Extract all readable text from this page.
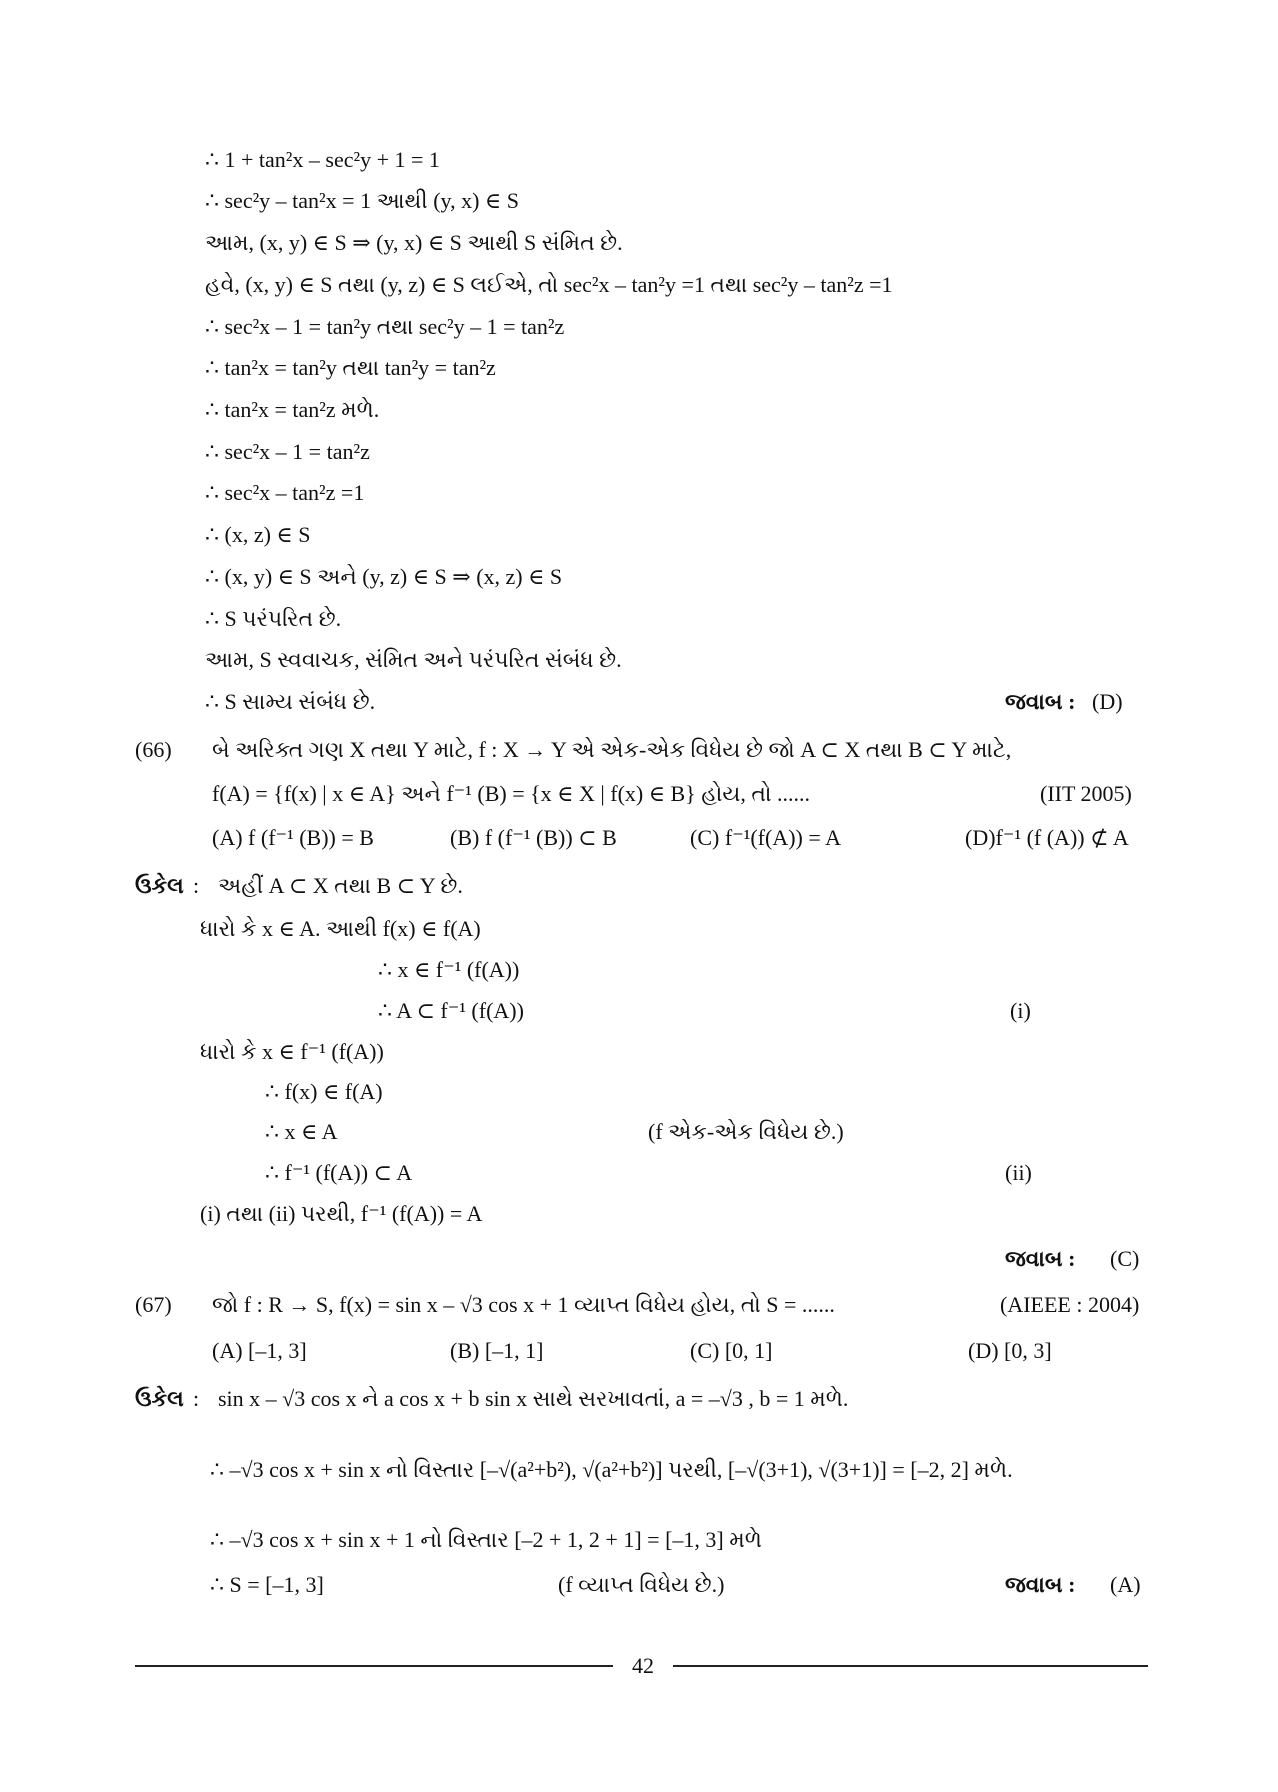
∴ 1 + tan²x – sec²y + 1 = 1
∴ sec²y – tan²x = 1 આથી (y, x) ∈ S
આમ, (x, y) ∈ S ⇒ (y, x) ∈ S આથી S સંમિત છે.
હવે, (x, y) ∈ S તથા (y, z) ∈ S લઈએ, તો sec²x – tan²y =1 તથા sec²y – tan²z =1
∴ sec²x – 1 = tan²y તથા sec²y – 1 = tan²z
∴ tan²x = tan²y તથા tan²y = tan²z
∴ tan²x = tan²z મળે.
∴ sec²x – 1 = tan²z
∴ sec²x – tan²z =1
∴ (x, z) ∈ S
∴ (x, y) ∈ S અને (y, z) ∈ S ⇒ (x, z) ∈ S
∴ S પરંપરિત છે.
આમ, S સ્વવાચક, સંમિત અને પરંપરિત સંબંધ છે.
∴ S સામ્ય સંબંધ છે.	જવાબ : (D)
(66) બે અરિક્ત ગણ X તથા Y માટે, f : X → Y એ એક-એક વિધેય છે જો A ⊂ X તથા B ⊂ Y માટે,
f(A) = {f(x) | x ∈ A} અને f⁻¹ (B) = {x ∈ X | f(x) ∈ B} હોય, તો ......	(IIT 2005)
(A) f (f⁻¹ (B)) = B	(B) f (f⁻¹ (B)) ⊂ B	(C) f⁻¹(f(A)) = A	(D)f⁻¹ (f (A)) ⊄ A
ઉકેલ : અહીં A ⊂ X તથા B ⊂ Y છે.
ધારો કે x ∈ A. આથી f(x) ∈ f(A)
∴ x ∈ f⁻¹ (f(A))
∴ A ⊂ f⁻¹ (f(A))	(i)
ધારો કે x ∈ f⁻¹ (f(A))
∴ f(x) ∈ f(A)
∴ x ∈ A	(f એક-એક વિધેય છે.)
∴ f⁻¹ (f(A)) ⊂ A	(ii)
(i) તથા (ii) પરથી, f⁻¹ (f(A)) = A
જવાબ : (C)
(67) જો f : R → S, f(x) = sin x – √3 cos x + 1 વ્યાપ્ત વિધેય હોય, તો S = ......	(AIEEE : 2004)
(A) [–1, 3]	(B) [–1, 1]	(C) [0, 1]	(D) [0, 3]
ઉકેલ : sin x – √3 cos x ને a cos x + b sin x સાથે સરખાવતાં, a = –√3 , b = 1 મળે.
∴ –√3 cos x + sin x નો વિસ્તાર [–√(a²+b²), √(a²+b²)] પરથી, [–√(3+1), √(3+1)] = [–2, 2] મળે.
∴ –√3 cos x + sin x + 1 નો વિસ્તાર [–2 + 1, 2 + 1] = [–1, 3] મળે
∴ S = [–1, 3]	(f વ્યાપ્ત વિધેય છે.)	જવાબ : (A)
42
